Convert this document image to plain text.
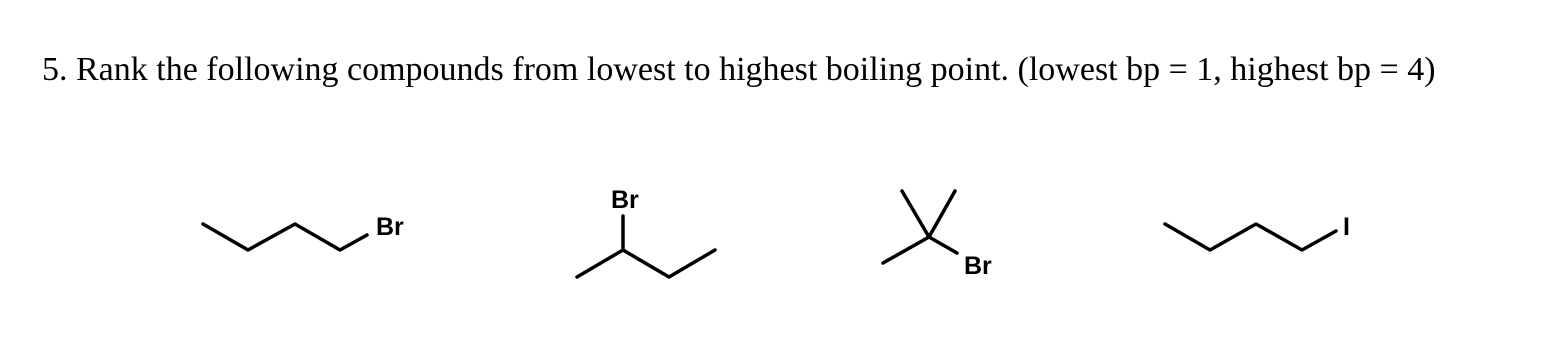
5. Rank the following compounds from lowest to highest boiling point. (lowest bp = 1, highest bp = 4)

Br
Br
Br
I
